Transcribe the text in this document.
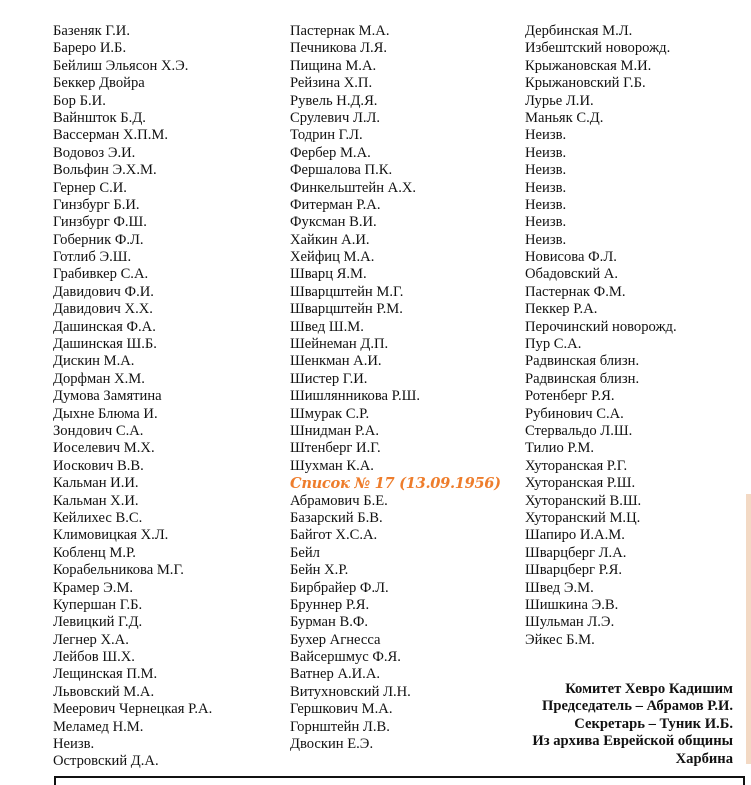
Базеняк Г.И.
Бареро И.Б.
Бейлиш Эльясон Х.Э.
Беккер Двойра
Бор Б.И.
Вайншток Б.Д.
Вассерман Х.П.М.
Водовоз Э.И.
Вольфин Э.Х.М.
Гернер С.И.
Гинзбург Б.И.
Гинзбург Ф.Ш.
Гоберник Ф.Л.
Готлиб Э.Ш.
Грабивкер С.А.
Давидович Ф.И.
Давидович Х.Х.
Дашинская Ф.А.
Дашинская Ш.Б.
Дискин М.А.
Дорфман Х.М.
Думова Замятина
Дыхне Блюма И.
Зондович С.А.
Иоселевич М.Х.
Иоскович В.В.
Кальман И.И.
Кальман Х.И.
Кейлихес В.С.
Климовицкая Х.Л.
Кобленц М.Р.
Корабельникова М.Г.
Крамер Э.М.
Купершан Г.Б.
Левицкий Г.Д.
Легнер Х.А.
Лейбов Ш.Х.
Лещинская П.М.
Львовский М.А.
Меерович Чернецкая Р.А.
Меламед Н.М.
Неизв.
Островский Д.А.
Пастернак М.А.
Печникова Л.Я.
Пищина М.А.
Рейзина Х.П.
Рувель Н.Д.Я.
Срулевич Л.Л.
Тодрин Г.Л.
Фербер М.А.
Фершалова П.К.
Финкельштейн А.Х.
Фитерман Р.А.
Фуксман В.И.
Хайкин А.И.
Хейфиц М.А.
Шварц Я.М.
Шварцштейн М.Г.
Шварцштейн Р.М.
Швед Ш.М.
Шейнеман Д.П.
Шенкман А.И.
Шистер Г.И.
Шишлянникова Р.Ш.
Шмурак С.Р.
Шнидман Р.А.
Штенберг И.Г.
Шухман К.А.
Список № 17 (13.09.1956)
Абрамович Б.Е.
Базарский Б.В.
Байгот Х.С.А.
Бейл
Бейн Х.Р.
Бирбрайер Ф.Л.
Бруннер Р.Я.
Бурман В.Ф.
Бухер Агнесса
Вайсершмус Ф.Я.
Ватнер А.И.А.
Витухновский Л.Н.
Гершкович М.А.
Горнштейн Л.В.
Двоскин Е.Э.
Дербинская М.Л.
Избештский новорожд.
Крыжановская М.И.
Крыжановский Г.Б.
Лурье Л.И.
Маньяк С.Д.
Неизв.
Неизв.
Неизв.
Неизв.
Неизв.
Неизв.
Неизв.
Новисова Ф.Л.
Обадовский А.
Пастернак Ф.М.
Пеккер Р.А.
Перочинский новорожд.
Пур С.А.
Радвинская близн.
Радвинская близн.
Ротенберг Р.Я.
Рубинович С.А.
Стервальдо Л.Ш.
Тилио Р.М.
Хуторанская Р.Г.
Хуторанская Р.Ш.
Хуторанский В.Ш.
Хуторанский М.Ц.
Шапиро И.А.М.
Шварцберг Л.А.
Шварцберг Р.Я.
Швед Э.М.
Шишкина Э.В.
Шульман Л.Э.
Эйкес Б.М.
Комитет Хевро Кадишим
Председатель – Абрамов Р.И.
Секретарь – Туник И.Б.
Из архива Еврейской общины
Харбина
